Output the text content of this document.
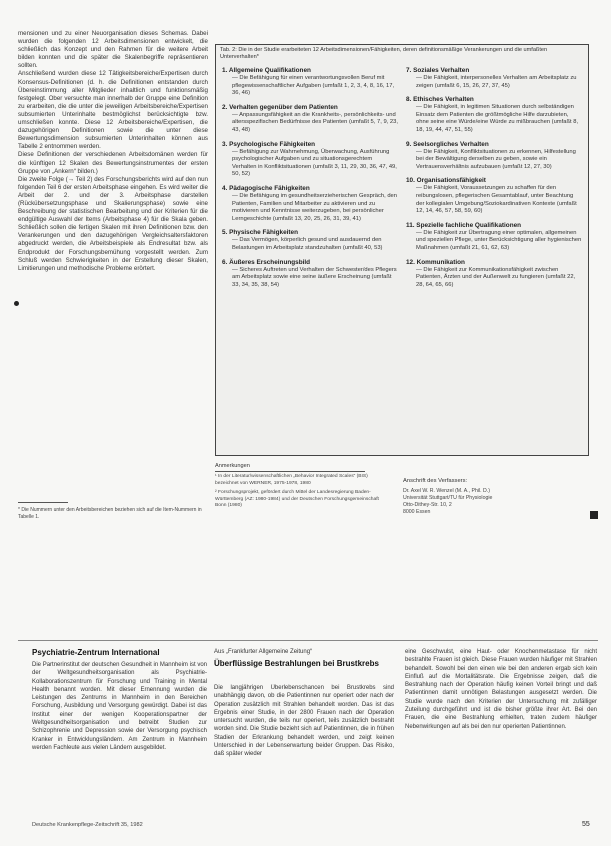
mensionen und zu einer Neuorganisation dieses Schemas. Dabei wurden die folgenden 12 Arbeitsdimensionen entwickelt, die schließlich das Konzept und den Rahmen für die weitere Arbeit bilden konnten und die später die Skalenbegriffe repräsentieren sollten.

Anschließend wurden diese 12 Tätigkeitsbereiche/Expertisen durch Konsensus-Definitionen (d. h. die Definitionen entstanden durch Übereinstimmung aller Mitglieder inhaltlich und funktionsmäßig festgelegt. Ober versuchte man innerhalb der Gruppe eine Definition zu erarbeiten, die die unter die jeweiligen Arbeitsbereiche/Expertisen subsumierten Unterinhalte bestmöglichst berücksichtigte bzw. umschließen konnte. Diese 12 Arbeitsbereiche/Expertisen, die dazugehörigen Definitionen sowie die unter diese Bewertungsdimension subsumierten Unterinhalten können aus Tabelle 2 entnommen werden.

Diese Definitionen der verschiedenen Arbeitsdomänen werden für die künftigen 12 Skalen des Bewertungsinstrumentes der ersten Gruppe von „Ankern“ bilden.)

Die zweite Folge (→ Teil 2) des Forschungsberichts wird auf den nun folgenden Teil 6 der ersten Arbeitsphase eingehen. Es wird weiter die Arbeit der 2. und der 3. Arbeitsphase darstellen (Rückübersetzungsphase und Skalierungsphase) sowie eine Beschreibung der statistischen Bearbeitung und der Kriterien für die endgültige Auswahl der Items (Arbeitsphase 4) für die Skala geben. Schließlich sollen die fertigen Skalen mit ihren Definitionen bzw. den Verankerungen und den dazugehörigen Vergleichsaltersfaktoren abgedruckt werden, die Arbeitsbeispiele als Endresultat bzw. als Endprodukt der Forschungsbemühung vorgestellt werden. Zum Schluß werden Schwierigkeiten in der Erstellung dieser Skalen, Limitierungen und methodische Probleme erörtert.

* Die Nummern unter den Arbeitsbereichen beziehen sich auf die Item-Nummern in Tabelle 1.
Tab. 2: Die in der Studie erarbeiteten 12 Arbeitsdimensionen/Fähigkeiten, deren definitionsmäßige Verankerungen und die umfaßten Unterverhalten*
1. Allgemeine Qualifikationen
— Die Befähigung für einen verantwortungsvollen Beruf mit pflegewissenschaftlicher Aufgaben (umfaßt 1, 2, 3, 4, 8, 16, 17, 36, 46)
2. Verhalten gegenüber dem Patienten
— Anpassungsfähigkeit an die Krankheits-, persönlichkeits- und altersspezifischen Bedürfnisse des Patienten (umfaßt 5, 7, 9, 23, 43, 48)
3. Psychologische Fähigkeiten
— Befähigung zur Wahrnehmung, Überwachung, Ausführung psychologischer Aufgaben und zu situationsgerechtem Verhalten in Konfliktsituationen (umfaßt 3, 11, 29, 30, 36, 47, 49, 50, 52)
4. Pädagogische Fähigkeiten
— Die Befähigung im gesundheitserzieherischen Gespräch, den Patienten, Familien und Mitarbeiter zu aktivieren und zu motivieren und Kenntnisse weiterzugeben, bei persönlicher Lerngeschichte (umfaßt 13, 20, 25, 26, 31, 39, 41)
5. Physische Fähigkeiten
— Das Vermögen, körperlich gesund und ausdauernd den Belastungen im Arbeitsplatz standzuhalten (umfaßt 40, 53)
6. Äußeres Erscheinungsbild
— Sicheres Auftreten und Verhalten der Schwester/des Pflegers am Arbeitsplatz sowie eine seine äußere Erscheinung (umfaßt 33, 34, 35, 38, 54)
7. Soziales Verhalten
— Die Fähigkeit, interpersonelles Verhalten am Arbeitsplatz zu zeigen (umfaßt 6, 15, 26, 27, 37, 45)
8. Ethisches Verhalten
— Die Fähigkeit, in legitimen Situationen durch selbständigen Einsatz dem Patienten die größtmögliche Hilfe darzubieten, ohne seine eine Würde/eine Würde zu mißbrauchen (umfaßt 8, 18, 19, 44, 47, 51, 55)
9. Seelsorgliches Verhalten
— Die Fähigkeit, Konfliktsituationen zu erkennen, Hilfestellung bei der Bewältigung derselben zu geben, sowie ein Vertrauensverhältnis aufzubauen (umfaßt 12, 27, 30)
10. Organisationsfähigkeit
— Die Fähigkeit, Voraussetzungen zu schaffen für den reibungslosen, pflegerischen Gesamtablauf, unter Beachtung der kollegialen Umgebung/Soziokardinativen Kontexte (umfaßt 12, 14, 46, 57, 58, 59, 60)
11. Spezielle fachliche Qualifikationen
— Die Fähigkeit zur Übertragung einer optimalen, allgemeinen und speziellen Pflege, unter Berücksichtigung aller hygienischen Maßnahmen (umfaßt 21, 61, 62, 63)
12. Kommunikation
— Die Fähigkeit zur Kommunikationsfähigkeit zwischen Patienten, Ärzten und der Außenwelt zu fungieren (umfaßt 22, 28, 64, 65, 66)
Anmerkungen
¹ In der Literatur/wissenschaftlichen „Behavior Integrated Scales“ (BIS) bezeichnet von WERNER, 1975-1978, 1980
² Forschungsprojekt, gefördert durch Mittel der Landesregierung Baden-Württemberg (AZ: 1980-1984) und der Deutschen Forschungsgemeinschaft Bonn (1980)
Anschrift des Verfassers:
Dr. Axel W. R. Wenzel (M. A., Phil. D.)
Universität Stuttgart/TU für Physiologie
Otto-Dithey-Str. 10, 2
8000 Essen
Psychiatrie-Zentrum International
Die Partnerinstitut der deutschen Gesundheit in Mannheim ist von der Weltgesundheitsorganisation als Psychiatrie-Kollaborationszentrum für Forschung und Training in Mental Health benannt worden. Mit dieser Ernennung wurden die Leistungen des Zentrums in Mannheim in den Bereichen Forschung, Ausbildung und Versorgung gewürdigt. Dabei ist das Institut einer der wenigen Kooperationspartner der Weltgesundheitsorganisation und betreibt Studien zur Schizophrenie und Depression sowie der Versorgung psychisch Kranker in Entwicklungsländern. Am Zentrum in Mannheim werden Fachleute aus vielen Ländern ausgebildet.
Aus „Frankfurter Allgemeine Zeitung“
Überflüssige Bestrahlungen bei Brustkrebs
Die langjährigen Überlebenschancen bei Brustkrebs sind unabhängig davon, ob die Patientinnen nur operiert oder nach der Operation zusätzlich mit Strahlen behandelt worden. Das ist das Ergebnis einer Studie, in der 2800 Frauen nach der Operation untersucht wurden, die teils nur operiert, teils zusätzlich bestrahlt worden sind. Die Studie bezieht sich auf Patientinnen, die in frühen Stadien der Erkrankung behandelt werden, und zeigt keinen Unterschied in der Lebenserwartung beider Gruppen. Das Risiko, daß später wieder
eine Geschwulst, eine Haut- oder Knochenmetastase für nicht bestrahlte Frauen ist gleich. Diese Frauen wurden häufiger mit Strahlen behandelt. Sowohl bei den einen wie bei den anderen ergab sich kein Einfluß auf die Mortalitätsrate. Die Ergebnisse zeigen, daß die Bestrahlung nach der Operation häufig keinen Vorteil bringt und daß Patientinnen damit unnötigen Belastungen ausgesetzt werden. Die Studie wurde nach den Kriterien der Untersuchung mit zufälliger Zuteilung durchgeführt und ist die bisher größte ihrer Art. Bei den Frauen, die eine Bestrahlung erhielten, traten zudem häufiger Nebenwirkungen auf als bei den nur operierten Patientinnen.
Deutsche Krankenpflege-Zeitschrift 35, 1982	55
